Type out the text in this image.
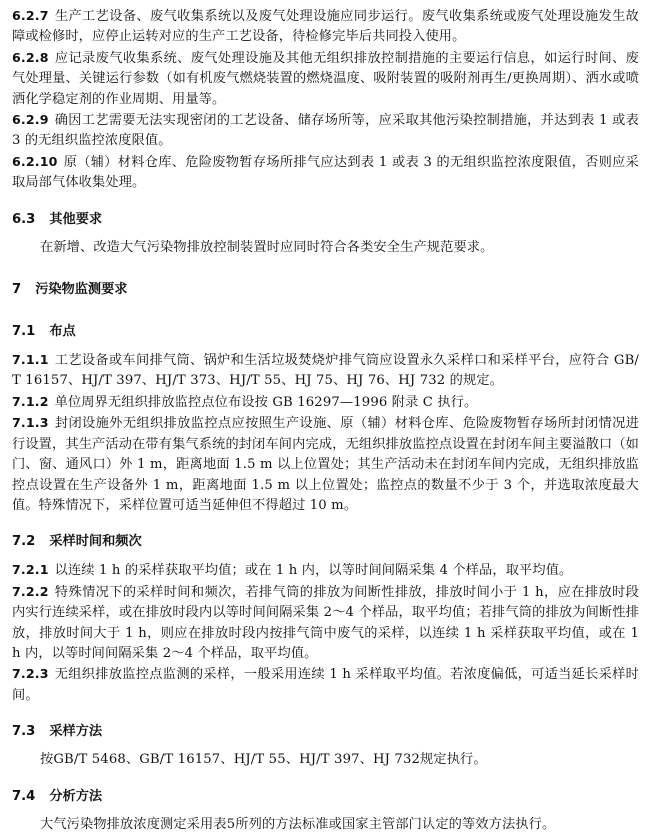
6.2.7 生产工艺设备、废气收集系统以及废气处理设施应同步运行。废气收集系统或废气处理设施发生故障或检修时，应停止运转对应的生产工艺设备，待检修完毕后共同投入使用。

6.2.8 应记录废气收集系统、废气处理设施及其他无组织排放控制措施的主要运行信息，如运行时间、废气处理量、关键运行参数（如有机废气燃烧装置的燃烧温度、吸附装置的吸附剂再生/更换周期）、洒水或喷洒化学稳定剂的作业周期、用量等。

6.2.9 确因工艺需要无法实现密闭的工艺设备、储存场所等，应采取其他污染控制措施，并达到表 1 或表 3 的无组织监控浓度限值。

6.2.10 原（辅）材料仓库、危险废物暂存场所排气应达到表 1 或表 3 的无组织监控浓度限值，否则应采取局部气体收集处理。

6.3 其他要求

在新增、改造大气污染物排放控制装置时应同时符合各类安全生产规范要求。

7 污染物监测要求

7.1 布点

7.1.1 工艺设备或车间排气筒、锅炉和生活垃圾焚烧炉排气筒应设置永久采样口和采样平台，应符合 GB/T 16157、HJ/T 397、HJ/T 373、HJ/T 55、HJ 75、HJ 76、HJ 732 的规定。

7.1.2 单位周界无组织排放监控点位布设按 GB 16297—1996 附录 C 执行。

7.1.3 封闭设施外无组织排放监控点应按照生产设施、原（辅）材料仓库、危险废物暂存场所封闭情况进行设置，其生产活动在带有集气系统的封闭车间内完成，无组织排放监控点设置在封闭车间主要溢散口（如门、窗、通风口）外 1 m，距离地面 1.5 m 以上位置处；其生产活动未在封闭车间内完成，无组织排放监控点设置在生产设备外 1 m，距离地面 1.5 m 以上位置处；监控点的数量不少于 3 个，并选取浓度最大值。特殊情况下，采样位置可适当延伸但不得超过 10 m。

7.2 采样时间和频次

7.2.1 以连续 1 h 的采样获取平均值；或在 1 h 内，以等时间间隔采集 4 个样品，取平均值。

7.2.2 特殊情况下的采样时间和频次，若排气筒的排放为间断性排放，排放时间小于 1 h，应在排放时段内实行连续采样，或在排放时段内以等时间间隔采集 2～4 个样品，取平均值；若排气筒的排放为间断性排放，排放时间大于 1 h，则应在排放时段内按排气筒中废气的采样，以连续 1 h 采样获取平均值，或在 1 h 内，以等时间间隔采集 2～4 个样品，取平均值。

7.2.3 无组织排放监控点监测的采样，一般采用连续 1 h 采样取平均值。若浓度偏低，可适当延长采样时间。

7.3 采样方法

按GB/T 5468、GB/T 16157、HJ/T 55、HJ/T 397、HJ 732规定执行。

7.4 分析方法

大气污染物排放浓度测定采用表5所列的方法标准或国家主管部门认定的等效方法执行。
